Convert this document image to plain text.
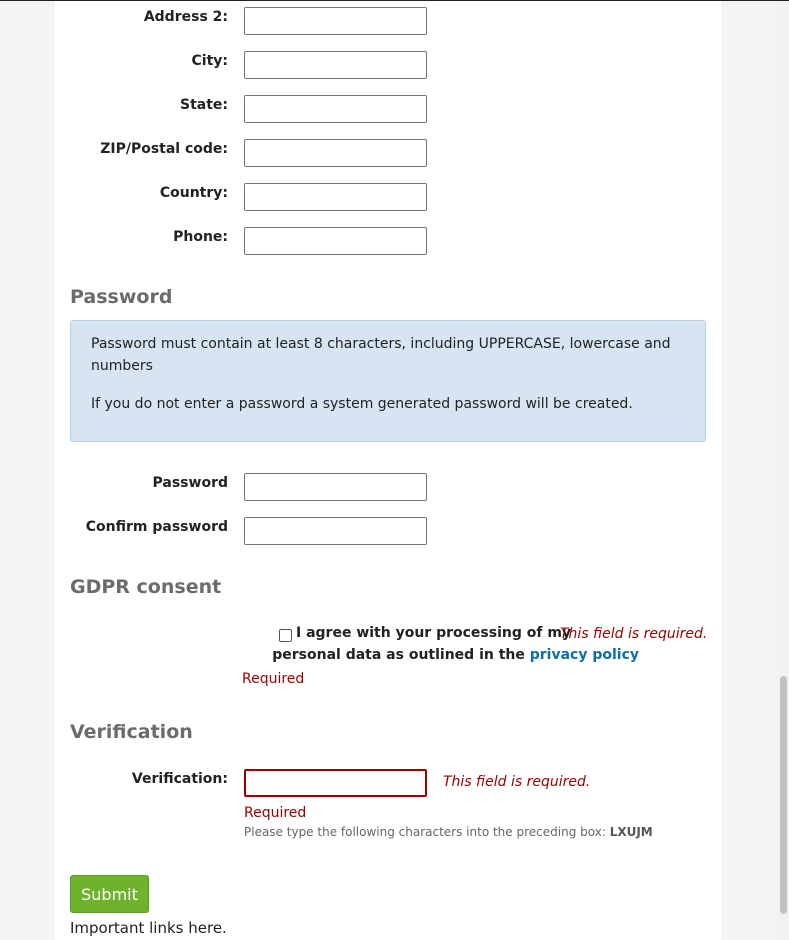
Address 2:
City:
State:
ZIP/Postal code:
Country:
Phone:
Password

Password must contain at least 8 characters, including UPPERCASE, lowercase and numbers

If you do not enter a password a system generated password will be created.

Password
Confirm password
GDPR consent
I agree with your processing of my
personal data as outlined in the privacy policy
This field is required.
Required
Verification
Verification:	This field is required.
Required
Please type the following characters into the preceding box: LXUJM
Submit
Important links here.
